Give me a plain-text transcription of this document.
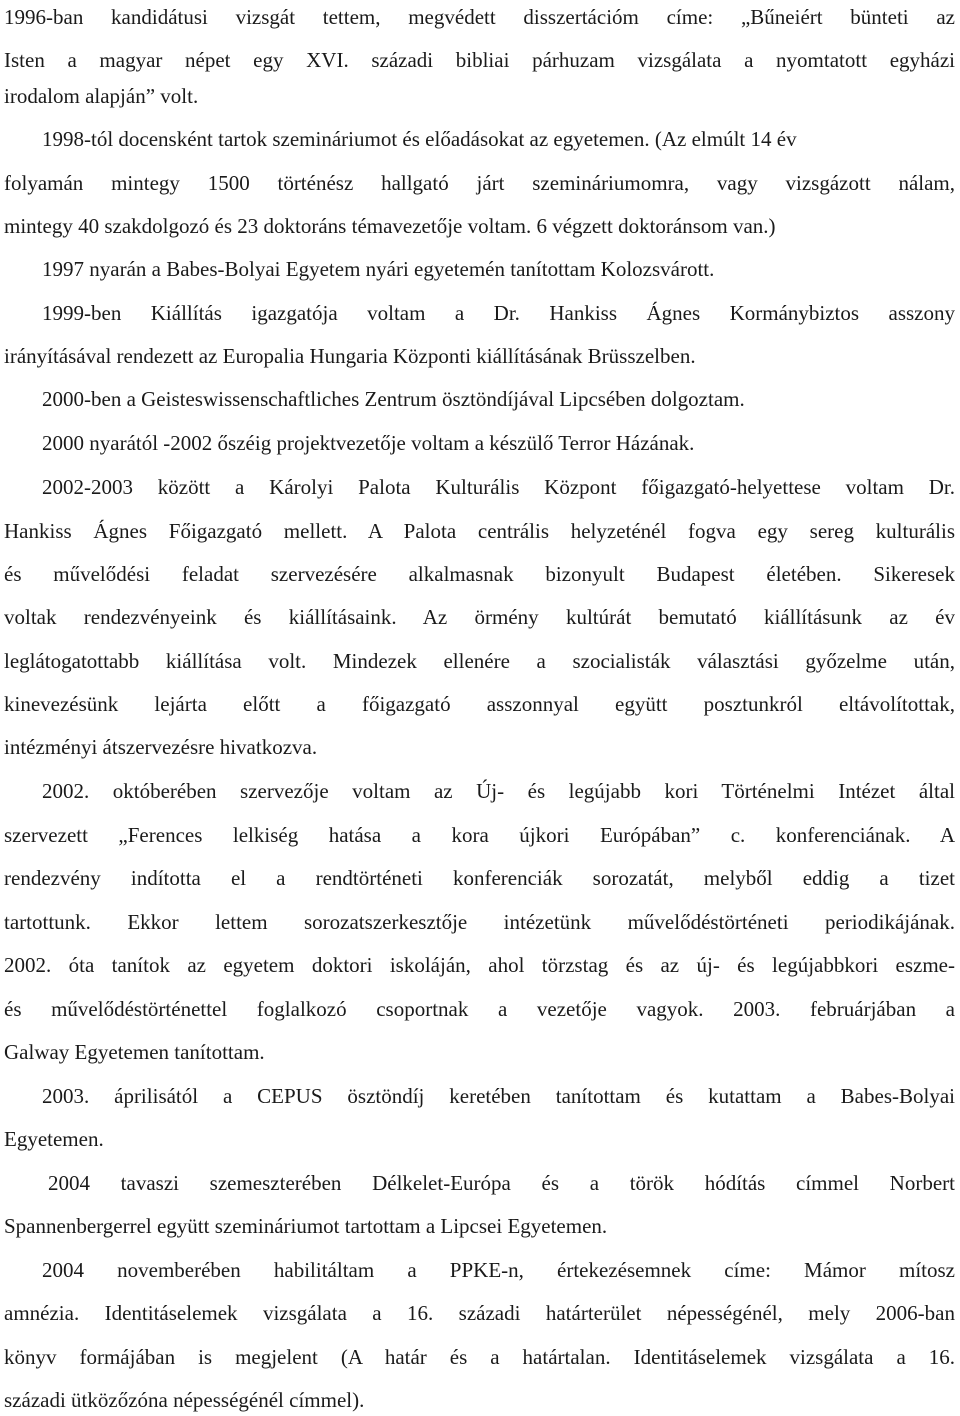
1996-ban kandidátusi vizsgát tettem, megvédett disszertációm címe: „Bűneiért bünteti az
Isten a magyar népet egy XVI. századi bibliai párhuzam vizsgálata a nyomtatott egyházi
irodalom alapján” volt.
1998-tól docensként tartok szemináriumot és előadásokat az egyetemen. (Az elmúlt 14 év
folyamán mintegy 1500 történész hallgató járt szemináriumomra, vagy vizsgázott nálam,
mintegy 40 szakdolgozó és 23 doktoráns témavezetője voltam. 6 végzett doktoránsom van.)
1997 nyarán a Babes-Bolyai Egyetem nyári egyetemén tanítottam Kolozsvárott.
1999-ben Kiállítás igazgatója voltam a Dr. Hankiss Ágnes Kormánybiztos asszony
irányításával rendezett az Europalia Hungaria Központi kiállításának Brüsszelben.
2000-ben a Geisteswissenschaftliches Zentrum ösztöndíjával Lipcsében dolgoztam.
2000 nyarától -2002 őszéig projektvezetője voltam a készülő Terror Házának.
2002-2003 között a Károlyi Palota Kulturális Központ főigazgató-helyettese voltam Dr.
Hankiss Ágnes Főigazgató mellett. A Palota centrális helyzeténél fogva egy sereg kulturális
és művelődési feladat szervezésére alkalmasnak bizonyult Budapest életében. Sikeresek
voltak rendezvényeink és kiállításaink. Az örmény kultúrát bemutató kiállításunk az év
leglátogatottabb kiállítása volt. Mindezek ellenére a szocialisták választási győzelme után,
kinevezésünk lejárta előtt a főigazgató asszonnyal együtt posztunkról eltávolítottak,
intézményi átszervezésre hivatkozva.
2002. októberében szervezője voltam az Új- és legújabb kori Történelmi Intézet által
szervezett „Ferences lelkiség hatása a kora újkori Európában” c. konferenciának. A
rendezvény indította el a rendtörténeti konferenciák sorozatát, melyből eddig a tizet
tartottunk. Ekkor lettem sorozatszerkesztője intézetünk művelődéstörténeti periodikájának.
2002. óta tanítok az egyetem doktori iskoláján, ahol törzstag és az új- és legújabbkori eszme-
és művelődéstörténettel foglalkozó csoportnak a vezetője vagyok. 2003. februárjában a
Galway Egyetemen tanítottam.
2003. áprilisától a CEPUS ösztöndíj keretében tanítottam és kutattam a Babes-Bolyai
Egyetemen.
2004 tavaszi szemeszterében Délkelet-Európa és a török hódítás címmel Norbert
Spannenbergerrel együtt szemináriumot tartottam a Lipcsei Egyetemen.
2004 novemberében habilitáltam a PPKE-n, értekezésemnek címe: Mámor mítosz
amnézia. Identitáselemek vizsgálata a 16. századi határterület népességénél, mely 2006-ban
könyv formájában is megjelent (A határ és a határtalan. Identitáselemek vizsgálata a 16.
századi ütközőzóna népességénél címmel).
